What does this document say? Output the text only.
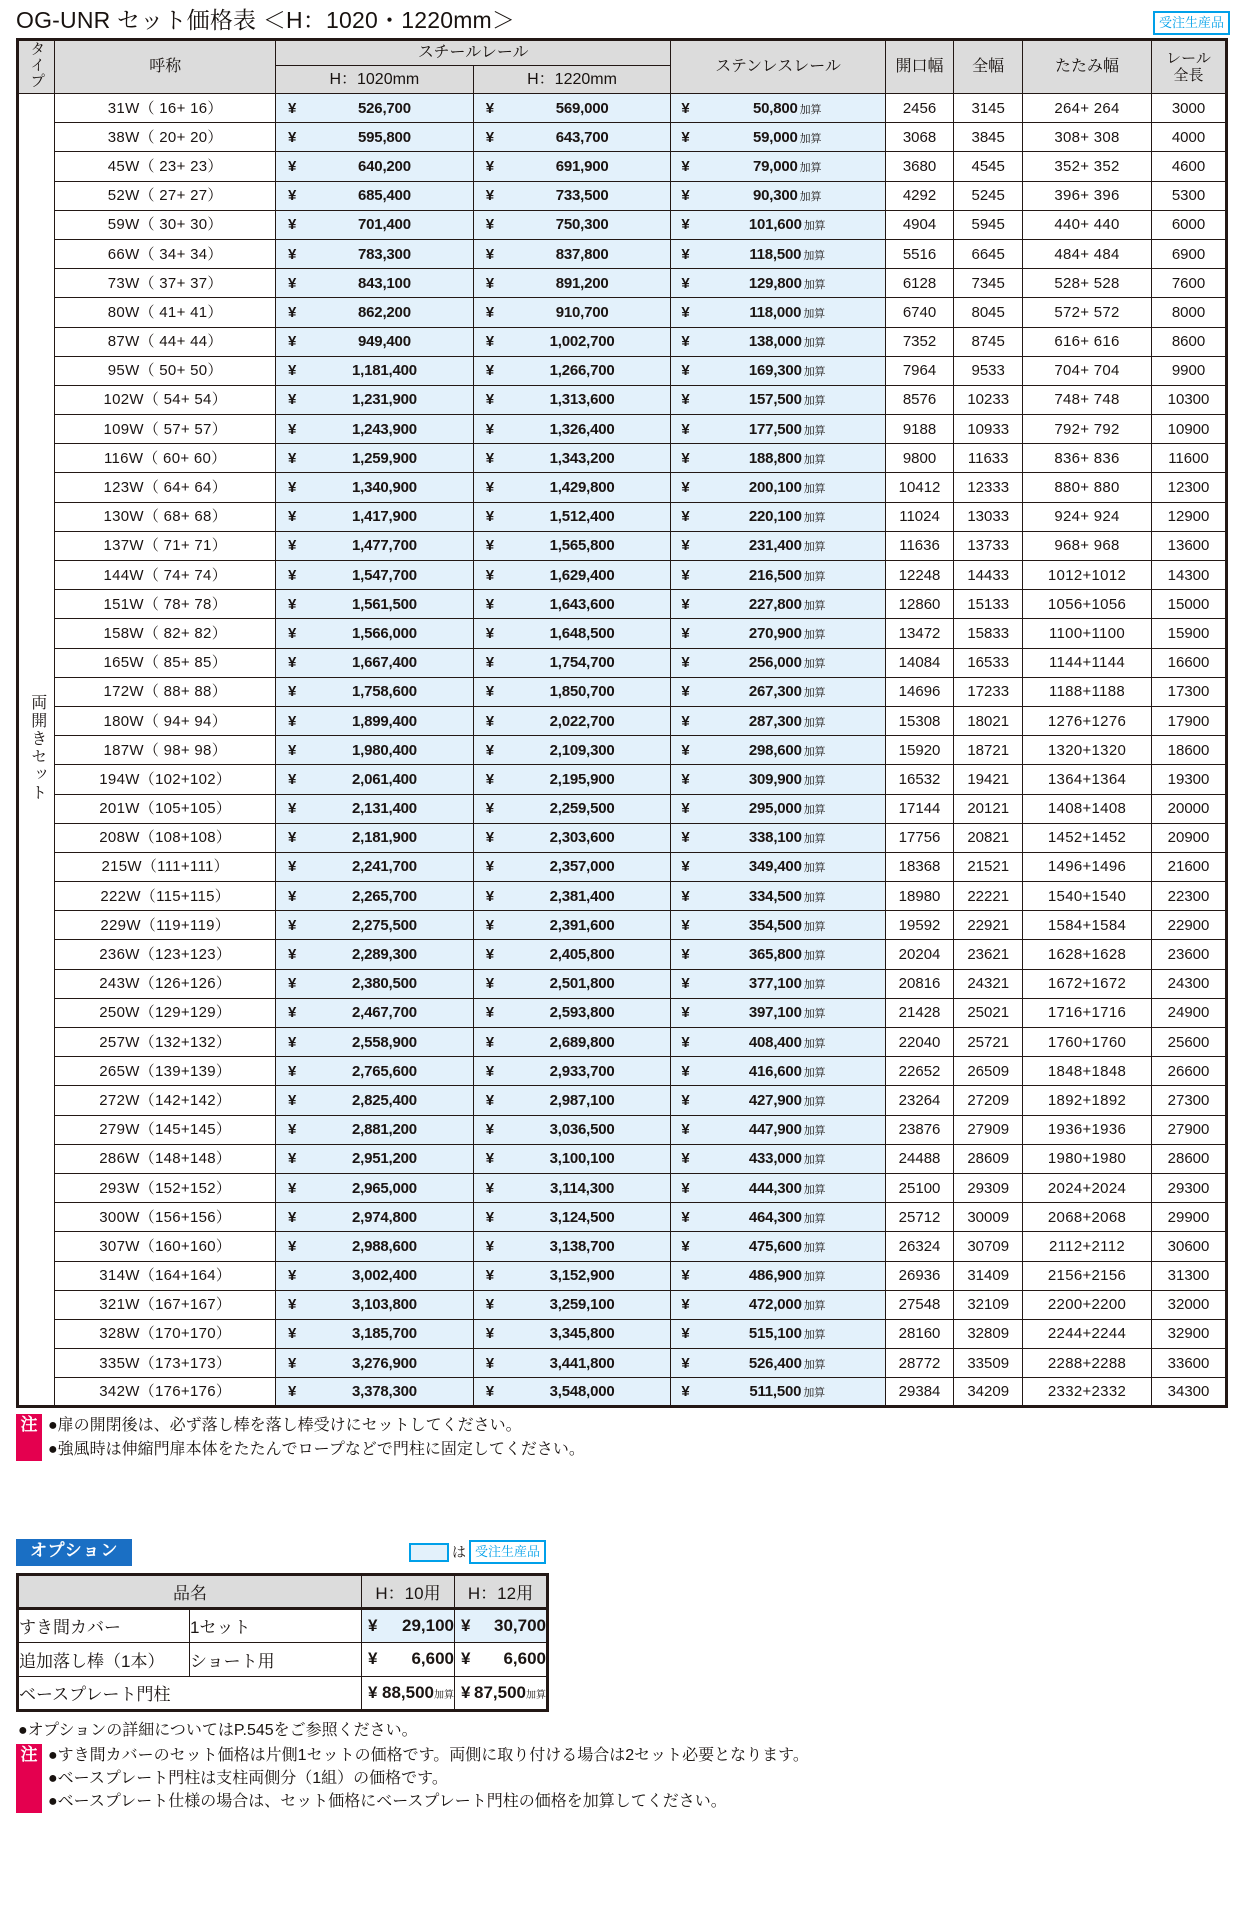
OG-UNR セット価格表 ＜H：1020・1220mm＞	受注生産品
タイプ	呼称	スチールレール		ステンレスレール	開口幅	全幅	たたみ幅	レール
全長
		H：1020mm	H：1220mm					
両開きセット	31W（ 16+ 16）	¥ 526,700	¥ 569,000	¥ 50,800 加算	2456	3145	264+ 264	3000
	38W（ 20+ 20）	¥ 595,800	¥ 643,700	¥ 59,000 加算	3068	3845	308+ 308	4000
	45W（ 23+ 23）	¥ 640,200	¥ 691,900	¥ 79,000 加算	3680	4545	352+ 352	4600
	52W（ 27+ 27）	¥ 685,400	¥ 733,500	¥ 90,300 加算	4292	5245	396+ 396	5300
	59W（ 30+ 30）	¥ 701,400	¥ 750,300	¥ 101,600 加算	4904	5945	440+ 440	6000
	66W（ 34+ 34）	¥ 783,300	¥ 837,800	¥ 118,500 加算	5516	6645	484+ 484	6900
	73W（ 37+ 37）	¥ 843,100	¥ 891,200	¥ 129,800 加算	6128	7345	528+ 528	7600
	80W（ 41+ 41）	¥ 862,200	¥ 910,700	¥ 118,000 加算	6740	8045	572+ 572	8000
	87W（ 44+ 44）	¥ 949,400	¥ 1,002,700	¥ 138,000 加算	7352	8745	616+ 616	8600
	95W（ 50+ 50）	¥ 1,181,400	¥ 1,266,700	¥ 169,300 加算	7964	9533	704+ 704	9900
	102W（ 54+ 54）	¥ 1,231,900	¥ 1,313,600	¥ 157,500 加算	8576	10233	748+ 748	10300
	109W（ 57+ 57）	¥ 1,243,900	¥ 1,326,400	¥ 177,500 加算	9188	10933	792+ 792	10900
	116W（ 60+ 60）	¥ 1,259,900	¥ 1,343,200	¥ 188,800 加算	9800	11633	836+ 836	11600
	123W（ 64+ 64）	¥ 1,340,900	¥ 1,429,800	¥ 200,100 加算	10412	12333	880+ 880	12300
	130W（ 68+ 68）	¥ 1,417,900	¥ 1,512,400	¥ 220,100 加算	11024	13033	924+ 924	12900
	137W（ 71+ 71）	¥ 1,477,700	¥ 1,565,800	¥ 231,400 加算	11636	13733	968+ 968	13600
	144W（ 74+ 74）	¥ 1,547,700	¥ 1,629,400	¥ 216,500 加算	12248	14433	1012+1012	14300
	151W（ 78+ 78）	¥ 1,561,500	¥ 1,643,600	¥ 227,800 加算	12860	15133	1056+1056	15000
	158W（ 82+ 82）	¥ 1,566,000	¥ 1,648,500	¥ 270,900 加算	13472	15833	1100+1100	15900
	165W（ 85+ 85）	¥ 1,667,400	¥ 1,754,700	¥ 256,000 加算	14084	16533	1144+1144	16600
	172W（ 88+ 88）	¥ 1,758,600	¥ 1,850,700	¥ 267,300 加算	14696	17233	1188+1188	17300
	180W（ 94+ 94）	¥ 1,899,400	¥ 2,022,700	¥ 287,300 加算	15308	18021	1276+1276	17900
	187W（ 98+ 98）	¥ 1,980,400	¥ 2,109,300	¥ 298,600 加算	15920	18721	1320+1320	18600
	194W（102+102）	¥ 2,061,400	¥ 2,195,900	¥ 309,900 加算	16532	19421	1364+1364	19300
	201W（105+105）	¥ 2,131,400	¥ 2,259,500	¥ 295,000 加算	17144	20121	1408+1408	20000
	208W（108+108）	¥ 2,181,900	¥ 2,303,600	¥ 338,100 加算	17756	20821	1452+1452	20900
	215W（111+111）	¥ 2,241,700	¥ 2,357,000	¥ 349,400 加算	18368	21521	1496+1496	21600
	222W（115+115）	¥ 2,265,700	¥ 2,381,400	¥ 334,500 加算	18980	22221	1540+1540	22300
	229W（119+119）	¥ 2,275,500	¥ 2,391,600	¥ 354,500 加算	19592	22921	1584+1584	22900
	236W（123+123）	¥ 2,289,300	¥ 2,405,800	¥ 365,800 加算	20204	23621	1628+1628	23600
	243W（126+126）	¥ 2,380,500	¥ 2,501,800	¥ 377,100 加算	20816	24321	1672+1672	24300
	250W（129+129）	¥ 2,467,700	¥ 2,593,800	¥ 397,100 加算	21428	25021	1716+1716	24900
	257W（132+132）	¥ 2,558,900	¥ 2,689,800	¥ 408,400 加算	22040	25721	1760+1760	25600
	265W（139+139）	¥ 2,765,600	¥ 2,933,700	¥ 416,600 加算	22652	26509	1848+1848	26600
	272W（142+142）	¥ 2,825,400	¥ 2,987,100	¥ 427,900 加算	23264	27209	1892+1892	27300
	279W（145+145）	¥ 2,881,200	¥ 3,036,500	¥ 447,900 加算	23876	27909	1936+1936	27900
	286W（148+148）	¥ 2,951,200	¥ 3,100,100	¥ 433,000 加算	24488	28609	1980+1980	28600
	293W（152+152）	¥ 2,965,000	¥ 3,114,300	¥ 444,300 加算	25100	29309	2024+2024	29300
	300W（156+156）	¥ 2,974,800	¥ 3,124,500	¥ 464,300 加算	25712	30009	2068+2068	29900
	307W（160+160）	¥ 2,988,600	¥ 3,138,700	¥ 475,600 加算	26324	30709	2112+2112	30600
	314W（164+164）	¥ 3,002,400	¥ 3,152,900	¥ 486,900 加算	26936	31409	2156+2156	31300
	321W（167+167）	¥ 3,103,800	¥ 3,259,100	¥ 472,000 加算	27548	32109	2200+2200	32000
	328W（170+170）	¥ 3,185,700	¥ 3,345,800	¥ 515,100 加算	28160	32809	2244+2244	32900
	335W（173+173）	¥ 3,276,900	¥ 3,441,800	¥ 526,400 加算	28772	33509	2288+2288	33600
	342W（176+176）	¥ 3,378,300	¥ 3,548,000	¥ 511,500 加算	29384	34209	2332+2332	34300
注 ●扉の開閉後は、必ず落し棒を落し棒受けにセットしてください。
●強風時は伸縮門扉本体をたたんでロープなどで門柱に固定してください。
オプション	は 受注生産品
品名		H：10用	H：12用
すき間カバー	1セット	¥ 29,100	¥ 30,700
追加落し棒（1本）	ショート用	¥ 6,600	¥ 6,600
ベースプレート門柱		¥ 88,500加算	¥ 87,500加算
●オプションの詳細についてはP.545をご参照ください。
注 ●すき間カバーのセット価格は片側1セットの価格です。両側に取り付ける場合は2セット必要となります。
●ベースプレート門柱は支柱両側分（1組）の価格です。
●ベースプレート仕様の場合は、セット価格にベースプレート門柱の価格を加算してください。
